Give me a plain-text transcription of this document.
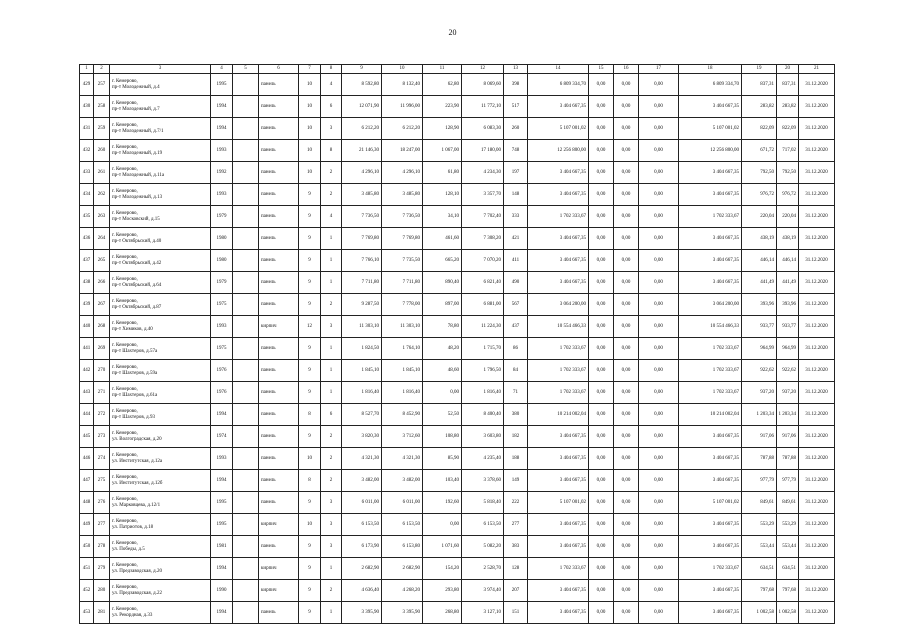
20
1	2	3	4	5	6	7	8	9	10	11	12	13	14	15	16	17	18	19	20	21
429	257	г. Кемерово,
пр-т Молодежный, д.4	1995		панель	10	4	8 592,80	8 132,40	62,80	8 069,60	398	6 809 334,70	0,00	0,00	0,00	6 809 334,70	837,31	837,31	31.12.2020
430	258	г. Кемерово,
пр-т Молодежный, д.7	1994		панель	10	6	12 071,90	11 996,00	223,90	11 772,10	517	3 404 667,35	0,00	0,00	0,00	3 404 667,35	283,82	283,82	31.12.2020
431	259	г. Кемерово,
пр-т Молодежный, д.7/1	1994		панель	10	3	6 212,20	6 212,20	128,90	6 083,30	260	5 107 001,02	0,00	0,00	0,00	5 107 001,02	822,09	822,09	31.12.2020
432	260	г. Кемерово,
пр-т Молодежный, д.19	1993		панель	10	8	21 146,30	18 247,00	1 067,00	17 180,00	748	12 256 800,00	0,00	0,00	0,00	12 256 800,00	671,72	717,02	31.12.2020
433	261	г. Кемерово,
пр-т Молодежный, д.11а	1992		панель	10	2	4 296,10	4 296,10	61,80	4 234,30	197	3 404 667,35	0,00	0,00	0,00	3 404 667,35	792,50	792,50	31.12.2020
434	262	г. Кемерово,
пр-т Молодежный, д.13	1993		панель	9	2	3 485,80	3 485,80	128,10	3 357,70	148	3 404 667,35	0,00	0,00	0,00	3 404 667,35	976,72	976,72	31.12.2020
435	263	г. Кемерово,
пр-т Московский, д.15	1979		панель	9	4	7 736,50	7 736,50	34,10	7 702,40	333	1 702 333,67	0,00	0,00	0,00	1 702 333,67	220,04	220,04	31.12.2020
436	264	г. Кемерово,
пр-т Октябрьский, д.40	1980		панель	9	1	7 769,80	7 769,80	461,60	7 308,20	421	3 404 667,35	0,00	0,00	0,00	3 404 667,35	438,19	438,19	31.12.2020
437	265	г. Кемерово,
пр-т Октябрьский, д.42	1980		панель	9	1	7 766,10	7 735,50	665,20	7 070,20	411	3 404 667,35	0,00	0,00	0,00	3 404 667,35	446,14	446,14	31.12.2020
438	266	г. Кемерово,
пр-т Октябрьский, д.64	1979		панель	9	1	7 711,80	7 711,80	890,40	6 821,40	490	3 404 667,35	0,00	0,00	0,00	3 404 667,35	441,49	441,49	31.12.2020
439	267	г. Кемерово,
пр-т Октябрьский, д.87	1975		панель	9	2	9 287,50	7 778,00	897,00	6 881,00	567	3 064 200,00	0,00	0,00	0,00	3 064 200,00	393,96	393,96	31.12.2020
440	268	г. Кемерово,
пр-т Химиков, д.40	1993		кирпич	12	3	11 303,10	11 303,10	78,80	11 224,30	437	10 554 466,33	0,00	0,00	0,00	10 554 466,33	933,77	933,77	31.12.2020
441	269	г. Кемерово,
пр-т Шахтеров, д.57а	1975		панель	9	1	1 824,50	1 764,10	48,20	1 715,70	86	1 702 333,67	0,00	0,00	0,00	1 702 333,67	964,99	964,99	31.12.2020
442	270	г. Кемерово,
пр-т Шахтеров, д.59а	1976		панель	9	1	1 845,10	1 845,10	48,60	1 796,50	84	1 702 333,67	0,00	0,00	0,00	1 702 333,67	922,62	922,62	31.12.2020
443	271	г. Кемерово,
пр-т Шахтеров, д.61а	1976		панель	9	1	1 816,40	1 816,40	0,00	1 816,40	71	1 702 333,67	0,00	0,00	0,00	1 702 333,67	937,20	937,20	31.12.2020
444	272	г. Кемерово,
пр-т Шахтеров, д.93	1994		панель	8	6	8 527,70	8 452,90	52,50	8 400,40	380	10 214 002,04	0,00	0,00	0,00	10 214 002,04	1 203,34	1 203,34	31.12.2020
445	273	г. Кемерово,
ул. Волгоградская, д.20	1974		панель	9	2	3 820,30	3 712,60	108,80	3 603,80	182	3 404 667,35	0,00	0,00	0,00	3 404 667,35	917,06	917,06	31.12.2020
446	274	г. Кемерово,
ул. Институтская, д.12а	1993		панель	10	2	4 321,30	4 321,30	85,90	4 235,40	188	3 404 667,35	0,00	0,00	0,00	3 404 667,35	787,88	787,88	31.12.2020
447	275	г. Кемерово,
ул. Институтская, д.12б	1994		панель	8	2	3 482,00	3 482,00	103,40	3 378,60	149	3 404 667,35	0,00	0,00	0,00	3 404 667,35	977,79	977,79	31.12.2020
448	276	г. Кемерово,
ул. Марковцева, д.12/1	1995		панель	9	3	6 011,00	6 011,00	192,60	5 818,40	222	5 107 001,02	0,00	0,00	0,00	5 107 001,02	849,61	849,61	31.12.2020
449	277	г. Кемерово,
ул. Патриотов, д.18	1995		кирпич	10	3	6 153,50	6 153,50	0,00	6 153,50	277	3 404 667,35	0,00	0,00	0,00	3 404 667,35	553,29	553,29	31.12.2020
450	278	г. Кемерово,
ул. Победы, д.5	1981		панель	9	3	6 173,90	6 153,80	1 071,60	5 082,20	383	3 404 667,35	0,00	0,00	0,00	3 404 667,35	553,44	553,44	31.12.2020
451	279	г. Кемерово,
ул. Предзаводская, д.20	1994		кирпич	9	1	2 682,90	2 682,90	154,20	2 528,70	128	1 702 333,67	0,00	0,00	0,00	1 702 333,67	634,51	634,51	31.12.2020
452	280	г. Кемерово,
ул. Предзаводская, д.22	1990		кирпич	9	2	4 636,40	4 268,20	293,80	3 974,40	207	3 404 667,35	0,00	0,00	0,00	3 404 667,35	797,68	797,68	31.12.2020
453	281	г. Кемерово,
ул. Рекордная, д.33	1994		панель	9	1	3 395,90	3 395,90	268,80	3 127,10	151	3 404 667,35	0,00	0,00	0,00	3 404 667,35	1 002,58	1 002,58	31.12.2020
